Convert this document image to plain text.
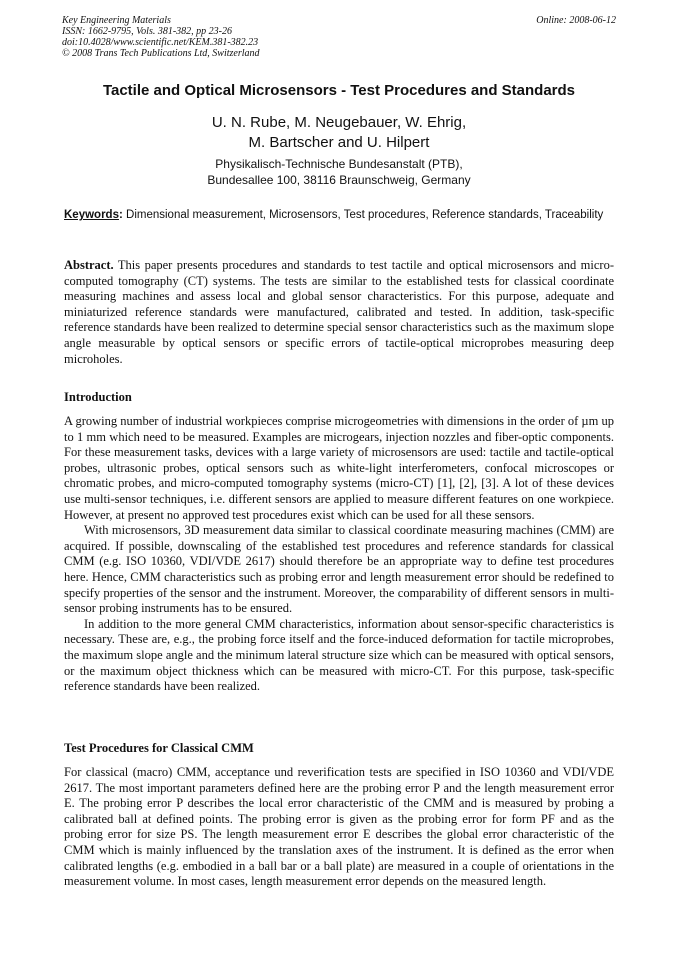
Key Engineering Materials
ISSN: 1662-9795, Vols. 381-382, pp 23-26
doi:10.4028/www.scientific.net/KEM.381-382.23
© 2008 Trans Tech Publications Ltd, Switzerland
Online: 2008-06-12
Tactile and Optical Microsensors - Test Procedures and Standards
U. N. Rube, M. Neugebauer, W. Ehrig,
M. Bartscher and U. Hilpert
Physikalisch-Technische Bundesanstalt (PTB),
Bundesallee 100, 38116 Braunschweig, Germany
Keywords: Dimensional measurement, Microsensors, Test procedures, Reference standards, Traceability
Abstract. This paper presents procedures and standards to test tactile and optical microsensors and micro-computed tomography (CT) systems. The tests are similar to the established tests for classical coordinate measuring machines and assess local and global sensor characteristics. For this purpose, adequate and miniaturized reference standards were manufactured, calibrated and tested. In addition, task-specific reference standards have been realized to determine special sensor characteristics such as the maximum slope angle measurable by optical sensors or specific errors of tactile-optical microprobes measuring deep microholes.
Introduction

A growing number of industrial workpieces comprise microgeometries with dimensions in the order of µm up to 1 mm which need to be measured. Examples are microgears, injection nozzles and fiber-optic components. For these measurement tasks, devices with a large variety of microsensors are used: tactile and tactile-optical probes, ultrasonic probes, optical sensors such as white-light interferometers, confocal microscopes or chromatic probes, and micro-computed tomography systems (micro-CT) [1], [2], [3]. A lot of these devices use multi-sensor techniques, i.e. different sensors are applied to measure different features on one workpiece. However, at present no approved test procedures exist which can be used for all these sensors.

With microsensors, 3D measurement data similar to classical coordinate measuring machines (CMM) are acquired. If possible, downscaling of the established test procedures and reference standards for classical CMM (e.g. ISO 10360, VDI/VDE 2617) should therefore be an appropriate way to define test procedures here. Hence, CMM characteristics such as probing error and length measurement error should be redefined to specify properties of the sensor and the instrument. Moreover, the comparability of different sensors in multi-sensor probing instruments has to be ensured.

In addition to the more general CMM characteristics, information about sensor-specific characteristics is necessary. These are, e.g., the probing force itself and the force-induced deformation for tactile microprobes, the maximum slope angle and the minimum lateral structure size which can be measured with optical sensors, or the maximum object thickness which can be measured with micro-CT. For this purpose, task-specific reference standards have been realized.

Test Procedures for Classical CMM

For classical (macro) CMM, acceptance und reverification tests are specified in ISO 10360 and VDI/VDE 2617. The most important parameters defined here are the probing error P and the length measurement error E. The probing error P describes the local error characteristic of the CMM and is measured by probing a calibrated ball at defined points. The probing error is given as the probing error for form PF and as the probing error for size PS. The length measurement error E describes the global error characteristic of the CMM which is mainly influenced by the translation axes of the instrument. It is defined as the error when calibrated lengths (e.g. embodied in a ball bar or a ball plate) are measured in a couple of orientations in the measurement volume. In most cases, length measurement error depends on the measured length.
